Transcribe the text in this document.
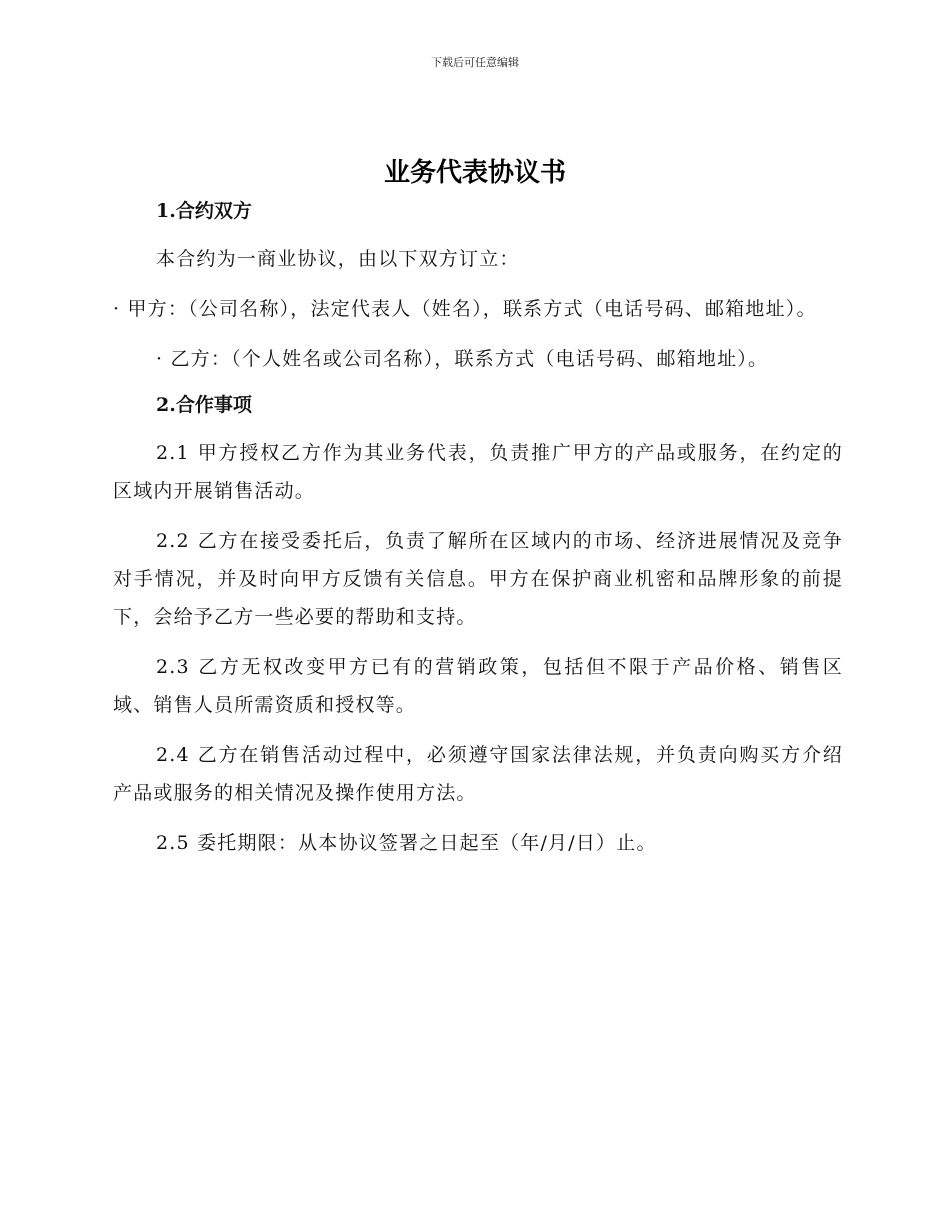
下载后可任意编辑
业务代表协议书
1.合约双方

本合约为一商业协议，由以下双方订立：

· 甲方：（公司名称），法定代表人（姓名），联系方式（电话号码、邮箱地址）。

· 乙方：（个人姓名或公司名称），联系方式（电话号码、邮箱地址）。

2.合作事项

2.1 甲方授权乙方作为其业务代表，负责推广甲方的产品或服务，在约定的区域内开展销售活动。

2.2 乙方在接受委托后，负责了解所在区域内的市场、经济进展情况及竞争对手情况，并及时向甲方反馈有关信息。甲方在保护商业机密和品牌形象的前提下，会给予乙方一些必要的帮助和支持。

2.3 乙方无权改变甲方已有的营销政策，包括但不限于产品价格、销售区域、销售人员所需资质和授权等。

2.4 乙方在销售活动过程中，必须遵守国家法律法规，并负责向购买方介绍产品或服务的相关情况及操作使用方法。

2.5 委托期限：从本协议签署之日起至（年/月/日）止。
